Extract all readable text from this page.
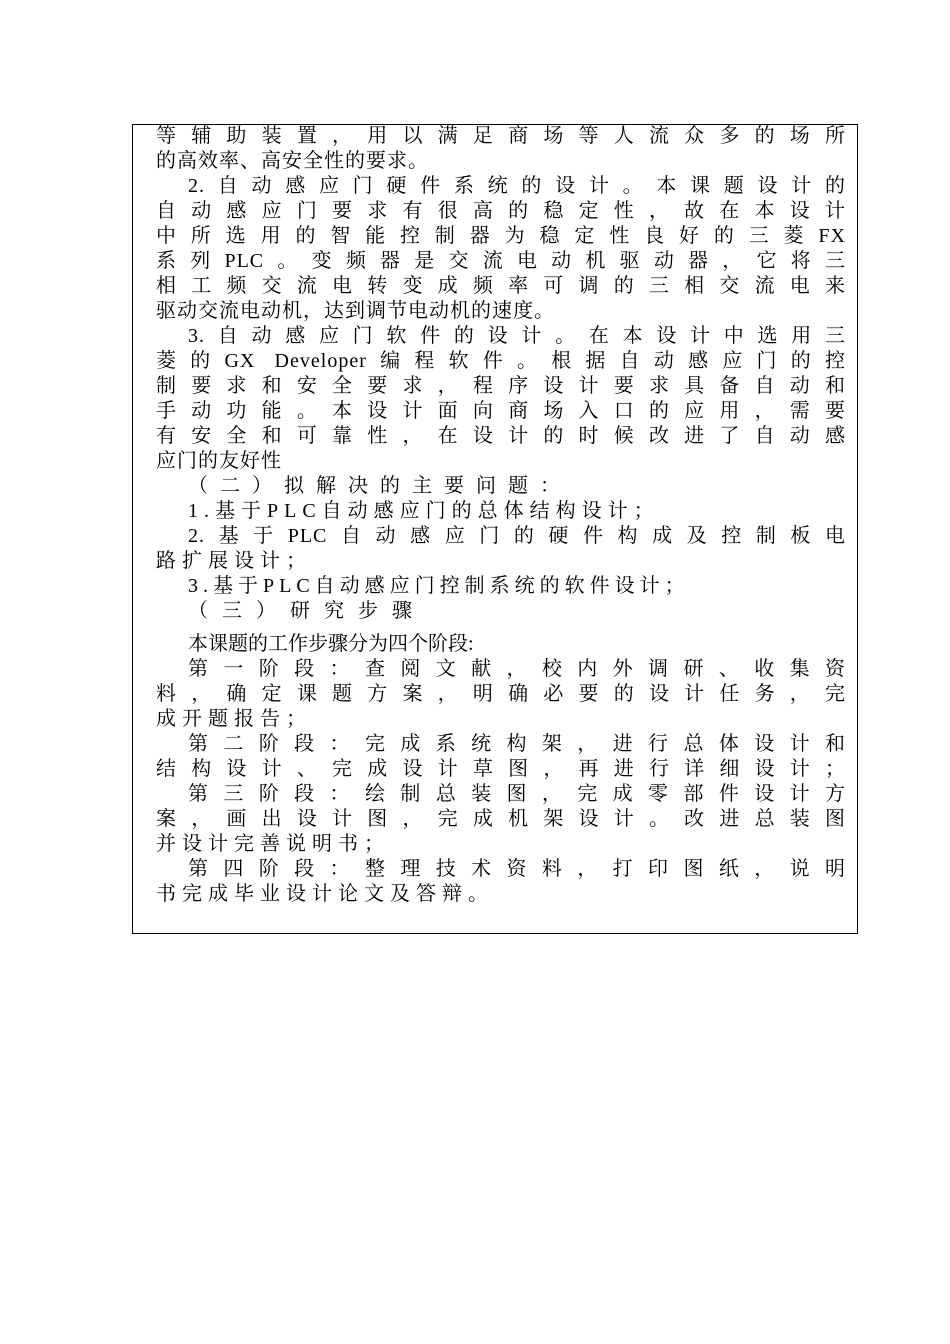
等辅助装置，用以满足商场等人流众多的场所
的高效率、高安全性的要求。
2.自动感应门硬件系统的设计。本课题设计的
自动感应门要求有很高的稳定性，故在本设计
中所选用的智能控制器为稳定性良好的三菱FX
系列PLC。变频器是交流电动机驱动器，它将三
相工频交流电转变成频率可调的三相交流电来
驱动交流电动机，达到调节电动机的速度。
3.自动感应门软件的设计。在本设计中选用三
菱的GX Developer编程软件。根据自动感应门的控
制要求和安全要求，程序设计要求具备自动和
手动功能。本设计面向商场入口的应用，需要
有安全和可靠性，在设计的时候改进了自动感
应门的友好性
（二）拟解决的主要问题：
1.基于PLC自动感应门的总体结构设计；
2.基于PLC自动感应门的硬件构成及控制板电
路扩展设计；
3.基于PLC自动感应门控制系统的软件设计；
（三）研究步骤
本课题的工作步骤分为四个阶段:
第一阶段：查阅文献，校内外调研、收集资
料，确定课题方案，明确必要的设计任务，完
成开题报告；
第二阶段：完成系统构架，进行总体设计和
结构设计、完成设计草图，再进行详细设计；
第三阶段：绘制总装图，完成零部件设计方
案，画出设计图，完成机架设计。改进总装图
并设计完善说明书；
第四阶段：整理技术资料，打印图纸，说明
书完成毕业设计论文及答辩。
